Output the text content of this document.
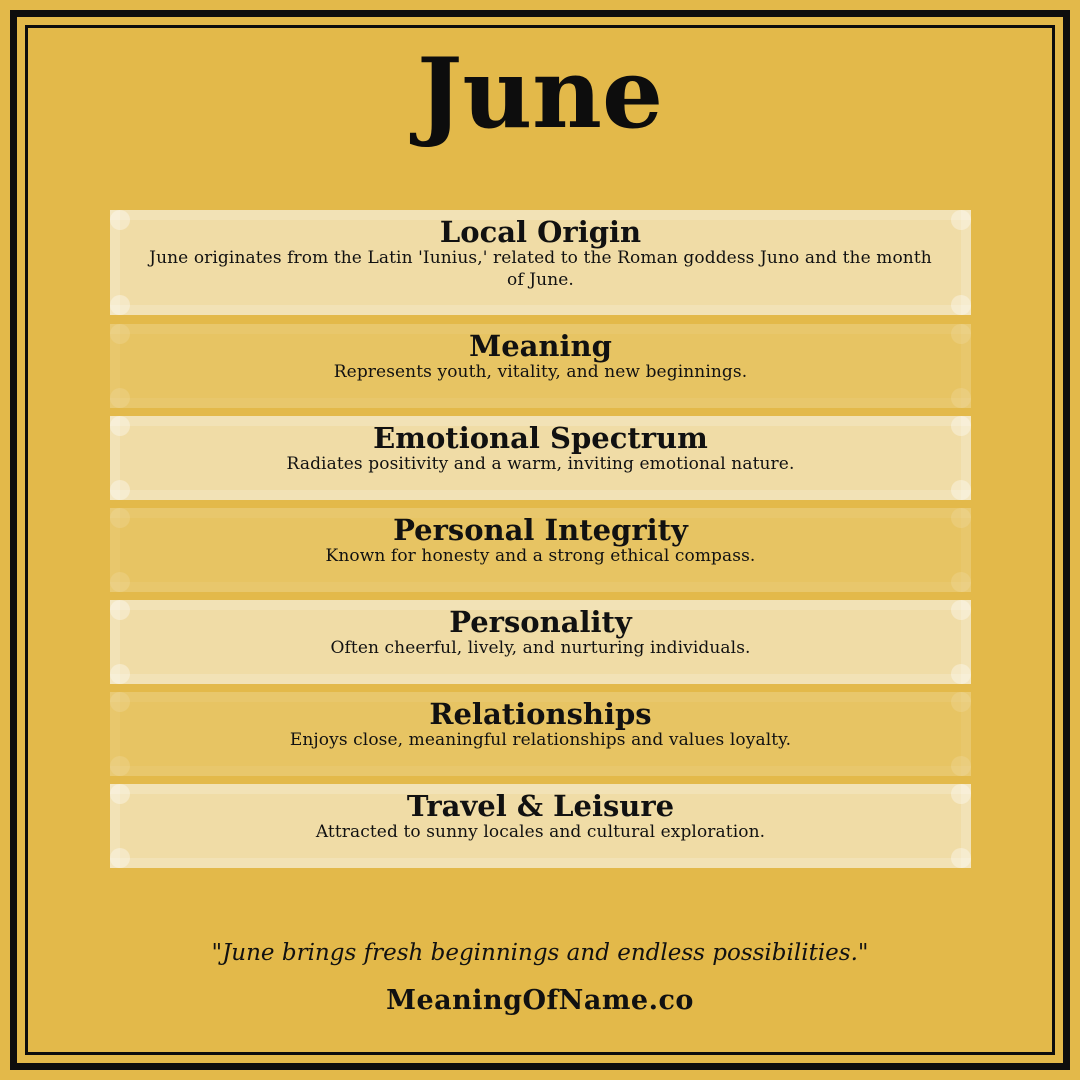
June
Local Origin
June originates from the Latin 'Iunius,' related to the Roman goddess Juno and the month of June.
Meaning
Represents youth, vitality, and new beginnings.
Emotional Spectrum
Radiates positivity and a warm, inviting emotional nature.
Personal Integrity
Known for honesty and a strong ethical compass.
Personality
Often cheerful, lively, and nurturing individuals.
Relationships
Enjoys close, meaningful relationships and values loyalty.
Travel & Leisure
Attracted to sunny locales and cultural exploration.
"June brings fresh beginnings and endless possibilities."
MeaningOfName.co
